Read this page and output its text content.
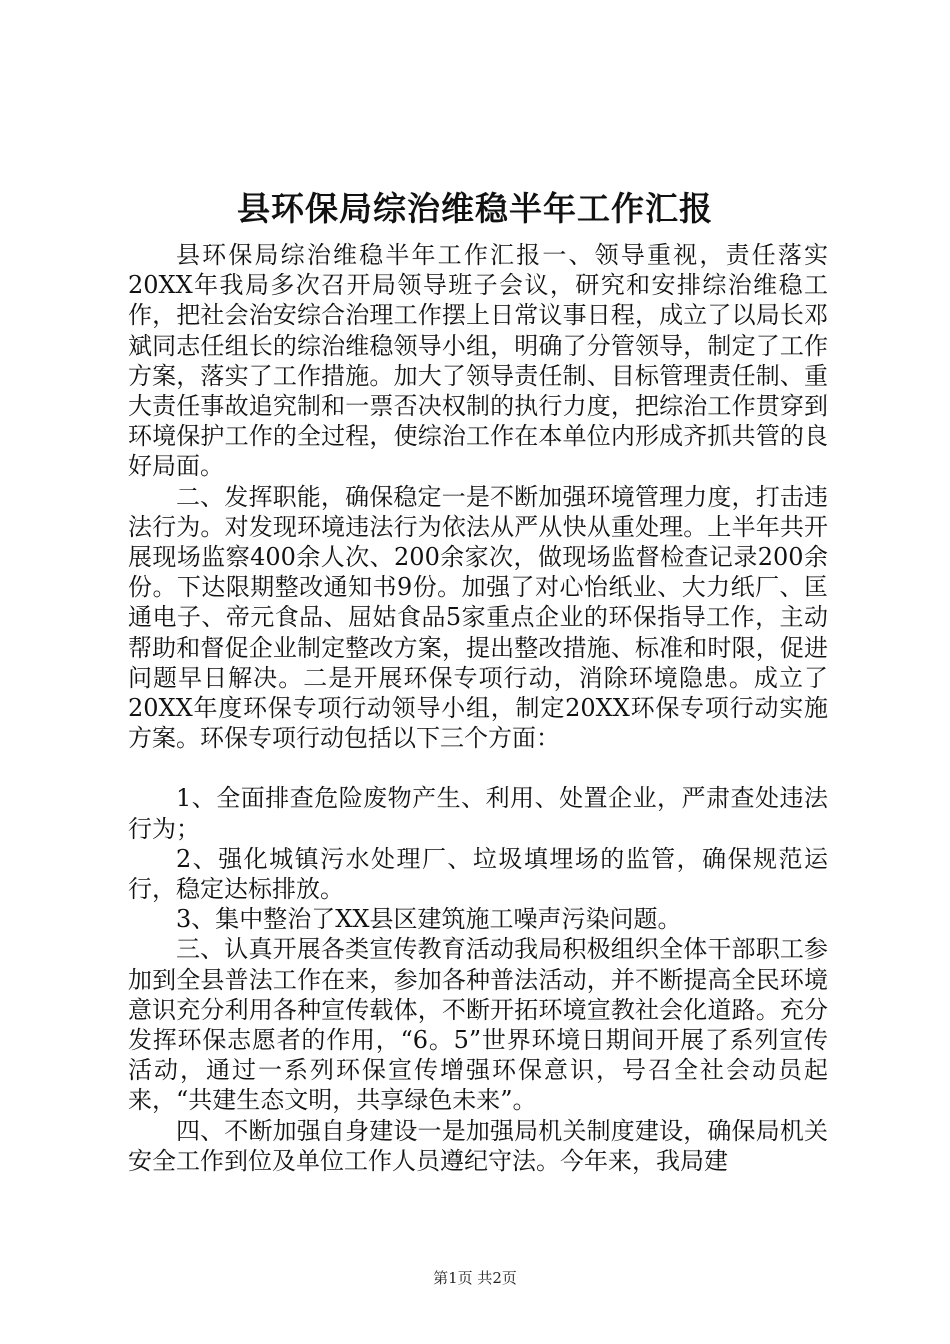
县环保局综治维稳半年工作汇报

县环保局综治维稳半年工作汇报一、领导重视，责任落实20XX年我局多次召开局领导班子会议，研究和安排综治维稳工作，把社会治安综合治理工作摆上日常议事日程，成立了以局长邓斌同志任组长的综治维稳领导小组，明确了分管领导，制定了工作方案，落实了工作措施。加大了领导责任制、目标管理责任制、重大责任事故追究制和一票否决权制的执行力度，把综治工作贯穿到环境保护工作的全过程，使综治工作在本单位内形成齐抓共管的良好局面。

二、发挥职能，确保稳定一是不断加强环境管理力度，打击违法行为。对发现环境违法行为依法从严从快从重处理。上半年共开展现场监察400余人次、200余家次，做现场监督检查记录200余份。下达限期整改通知书9份。加强了对心怡纸业、大力纸厂、匡通电子、帝元食品、屈姑食品5家重点企业的环保指导工作，主动帮助和督促企业制定整改方案，提出整改措施、标准和时限，促进问题早日解决。二是开展环保专项行动，消除环境隐患。成立了20XX年度环保专项行动领导小组，制定20XX环保专项行动实施方案。环保专项行动包括以下三个方面：

1、全面排查危险废物产生、利用、处置企业，严肃查处违法行为；

2、强化城镇污水处理厂、垃圾填埋场的监管，确保规范运行，稳定达标排放。

3、集中整治了XX县区建筑施工噪声污染问题。

三、认真开展各类宣传教育活动我局积极组织全体干部职工参加到全县普法工作在来，参加各种普法活动，并不断提高全民环境意识充分利用各种宣传载体，不断开拓环境宣教社会化道路。充分发挥环保志愿者的作用，“6。5”世界环境日期间开展了系列宣传活动，通过一系列环保宣传增强环保意识，号召全社会动员起来，“共建生态文明，共享绿色未来”。

四、不断加强自身建设一是加强局机关制度建设，确保局机关安全工作到位及单位工作人员遵纪守法。今年来，我局建

第1页 共2页
